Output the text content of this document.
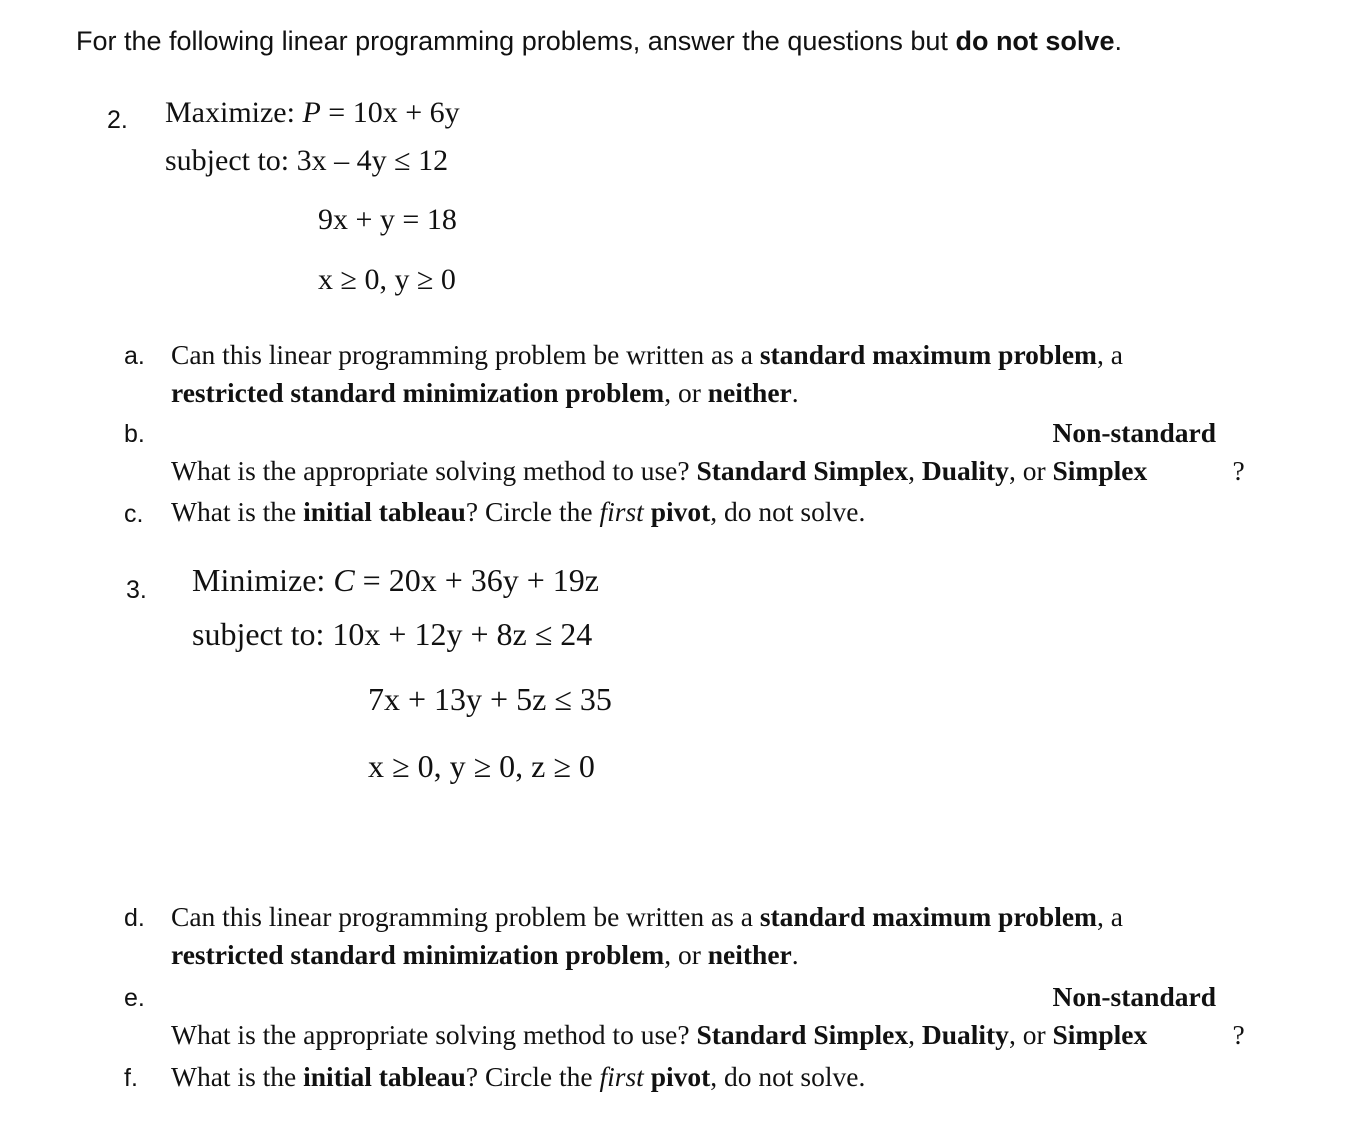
For the following linear programming problems, answer the questions but do not solve.
2. Maximize: P = 10x + 6y
subject to: 3x – 4y ≤ 12
9x + y = 18
x ≥ 0, y ≥ 0
a. Can this linear programming problem be written as a standard maximum problem, a
restricted standard minimization problem, or neither.
b.
What is the appropriate solving method to use? Standard Simplex, Duality, or Non-standard Simplex	?
c. What is the initial tableau? Circle the first pivot, do not solve.
3. Minimize: C = 20x + 36y + 19z
subject to: 10x + 12y + 8z ≤ 24
7x + 13y + 5z ≤ 35
x ≥ 0, y ≥ 0, z ≥ 0
d. Can this linear programming problem be written as a standard maximum problem, a
restricted standard minimization problem, or neither.
e.
What is the appropriate solving method to use? Standard Simplex, Duality, or Non-standard Simplex	?
f. What is the initial tableau? Circle the first pivot, do not solve.
